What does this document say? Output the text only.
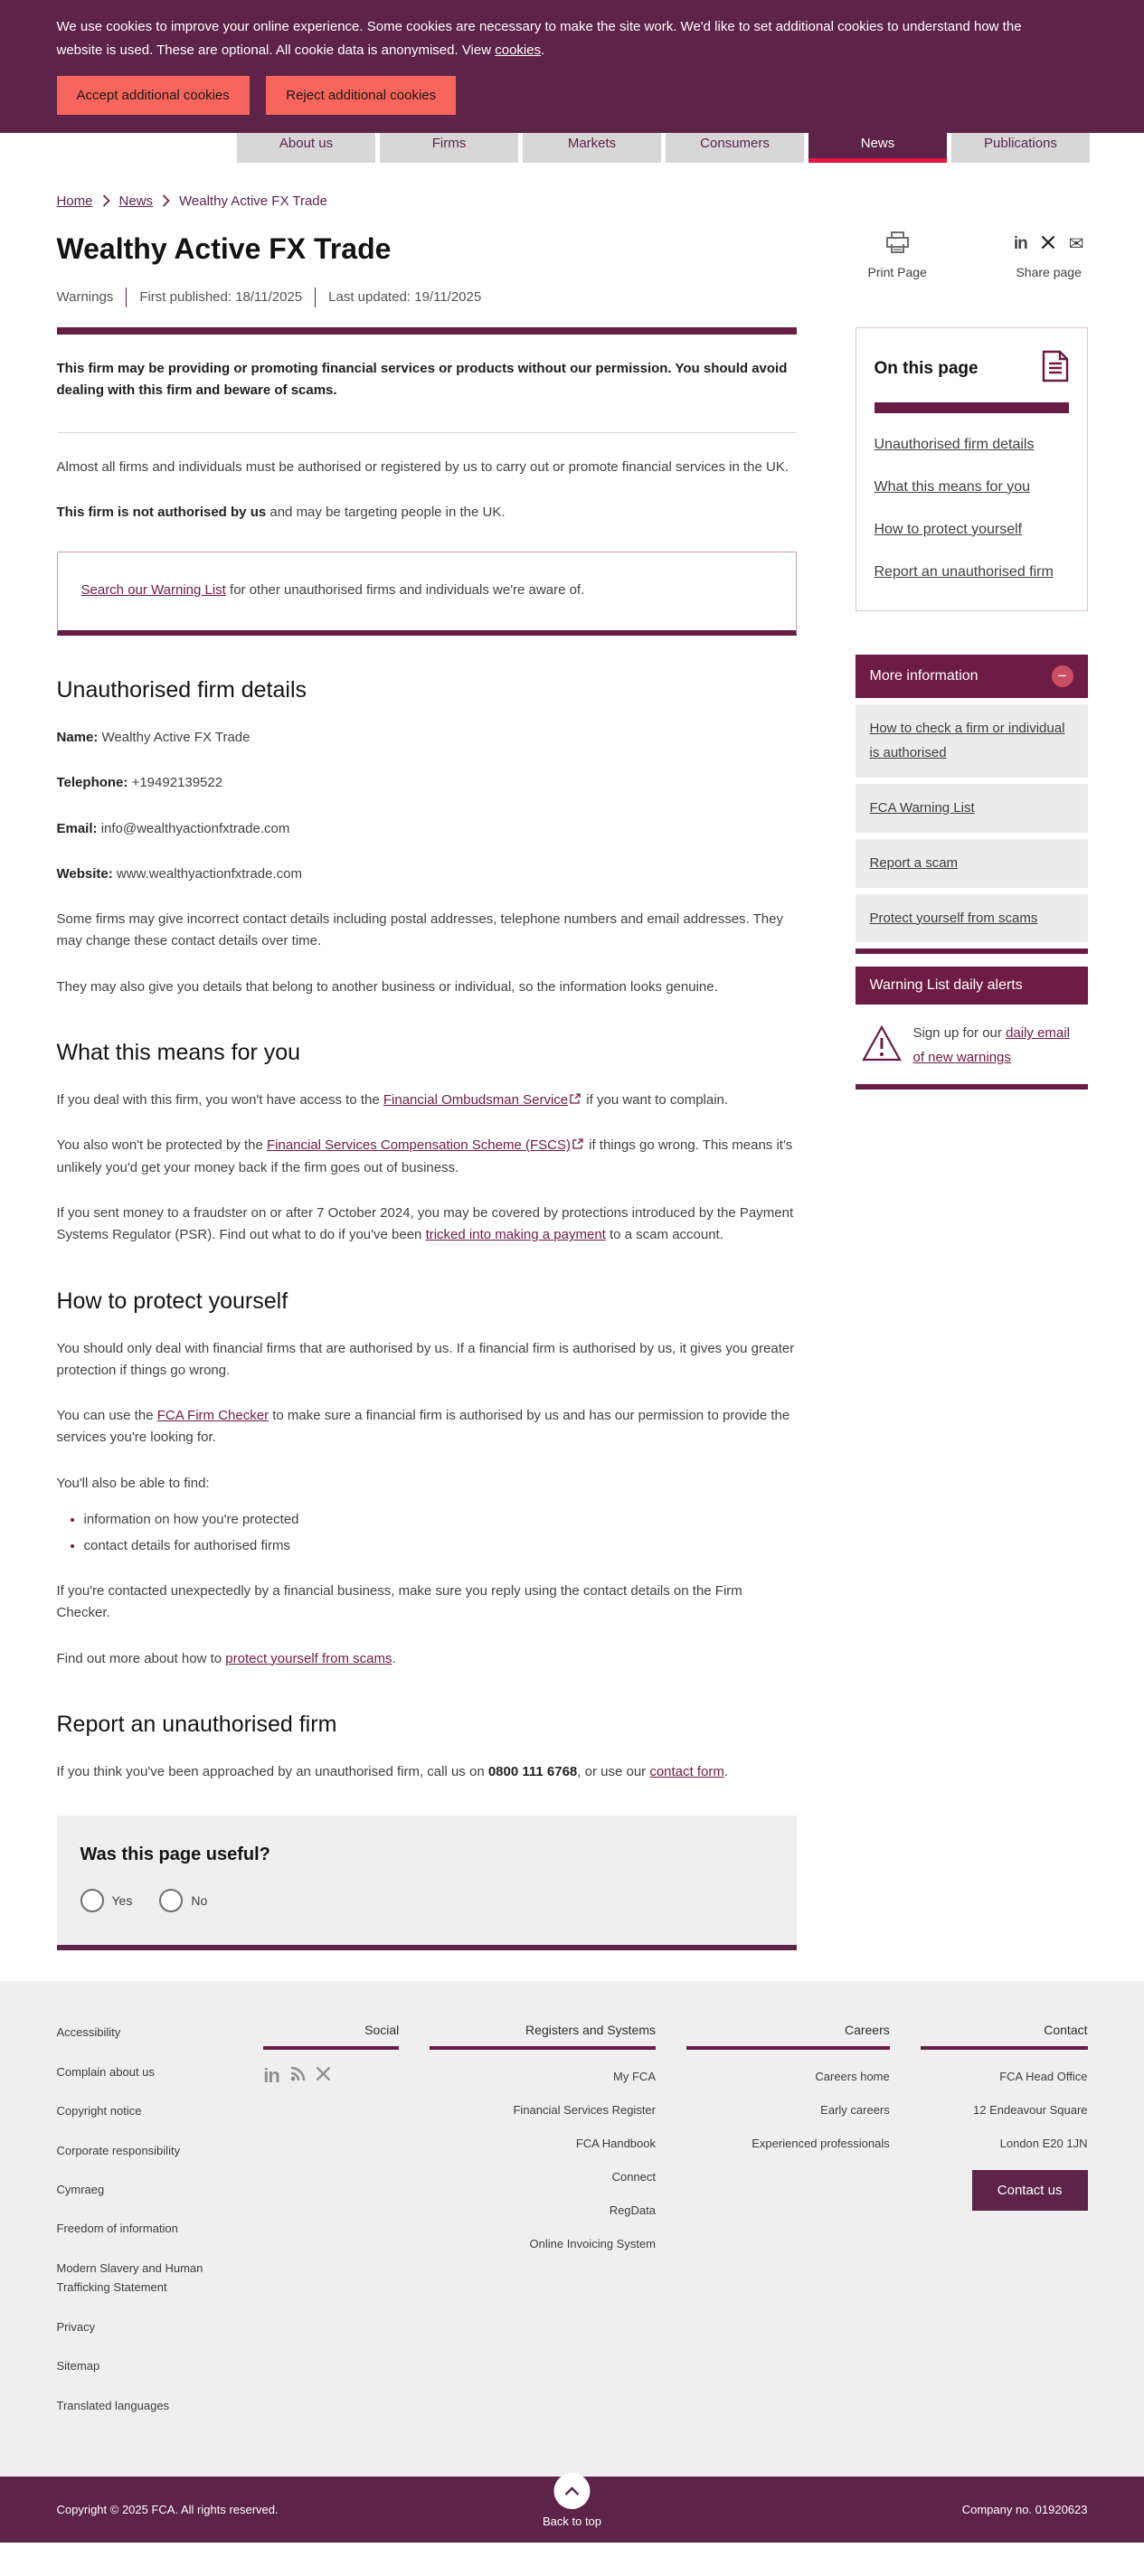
We use cookies to improve your online experience. Some cookies are necessary to make the site work. We'd like to set additional cookies to understand how the website is used. These are optional. All cookie data is anonymised. View cookies.

Accept additional cookies	Reject additional cookies
About us	Firms	Markets	Consumers	News	Publications
Home News Wealthy Active FX Trade
Wealthy Active FX Trade
Warnings First published: 18/11/2025 Last updated: 19/11/2025
Print Page
in ✉
Share page

This firm may be providing or promoting financial services or products without our permission. You should avoid dealing with this firm and beware of scams.

Almost all firms and individuals must be authorised or registered by us to carry out or promote financial services in the UK.

This firm is not authorised by us and may be targeting people in the UK.

Search our Warning List for other unauthorised firms and individuals we're aware of.

Unauthorised firm details

Name: Wealthy Active FX Trade

Telephone: +19492139522

Email: info@wealthyactionfxtrade.com

Website: www.wealthyactionfxtrade.com

Some firms may give incorrect contact details including postal addresses, telephone numbers and email addresses. They may change these contact details over time.

They may also give you details that belong to another business or individual, so the information looks genuine.

What this means for you

If you deal with this firm, you won't have access to the Financial Ombudsman Service if you want to complain.

You also won't be protected by the Financial Services Compensation Scheme (FSCS) if things go wrong. This means it's unlikely you'd get your money back if the firm goes out of business.

If you sent money to a fraudster on or after 7 October 2024, you may be covered by protections introduced by the Payment Systems Regulator (PSR). Find out what to do if you've been tricked into making a payment to a scam account.

How to protect yourself

You should only deal with financial firms that are authorised by us. If a financial firm is authorised by us, it gives you greater protection if things go wrong.

You can use the FCA Firm Checker to make sure a financial firm is authorised by us and has our permission to provide the services you're looking for.

You'll also be able to find:

• information on how you're protected
• contact details for authorised firms

If you're contacted unexpectedly by a financial business, make sure you reply using the contact details on the Firm Checker.

Find out more about how to protect yourself from scams.

Report an unauthorised firm

If you think you've been approached by an unauthorised firm, call us on 0800 111 6768, or use our contact form.

Was this page useful?
Yes	No
On this page
Unauthorised firm details
What this means for you
How to protect yourself
Report an unauthorised firm
More information	−
How to check a firm or individual is authorised
FCA Warning List
Report a scam
Protect yourself from scams
Warning List daily alerts

Sign up for our daily email of new warnings

Accessibility
Complain about us
Copyright notice
Corporate responsibility
Cymraeg
Freedom of information
Modern Slavery and Human Trafficking Statement
Privacy
Sitemap
Translated languages
Social
in
Registers and Systems
My FCA
Financial Services Register
FCA Handbook
Connect
RegData
Online Invoicing System
Careers
Careers home
Early careers
Experienced professionals
Contact
FCA Head Office
12 Endeavour Square
London E20 1JN
Contact us
Back to top
Copyright © 2025 FCA. All rights reserved.	Company no. 01920623
